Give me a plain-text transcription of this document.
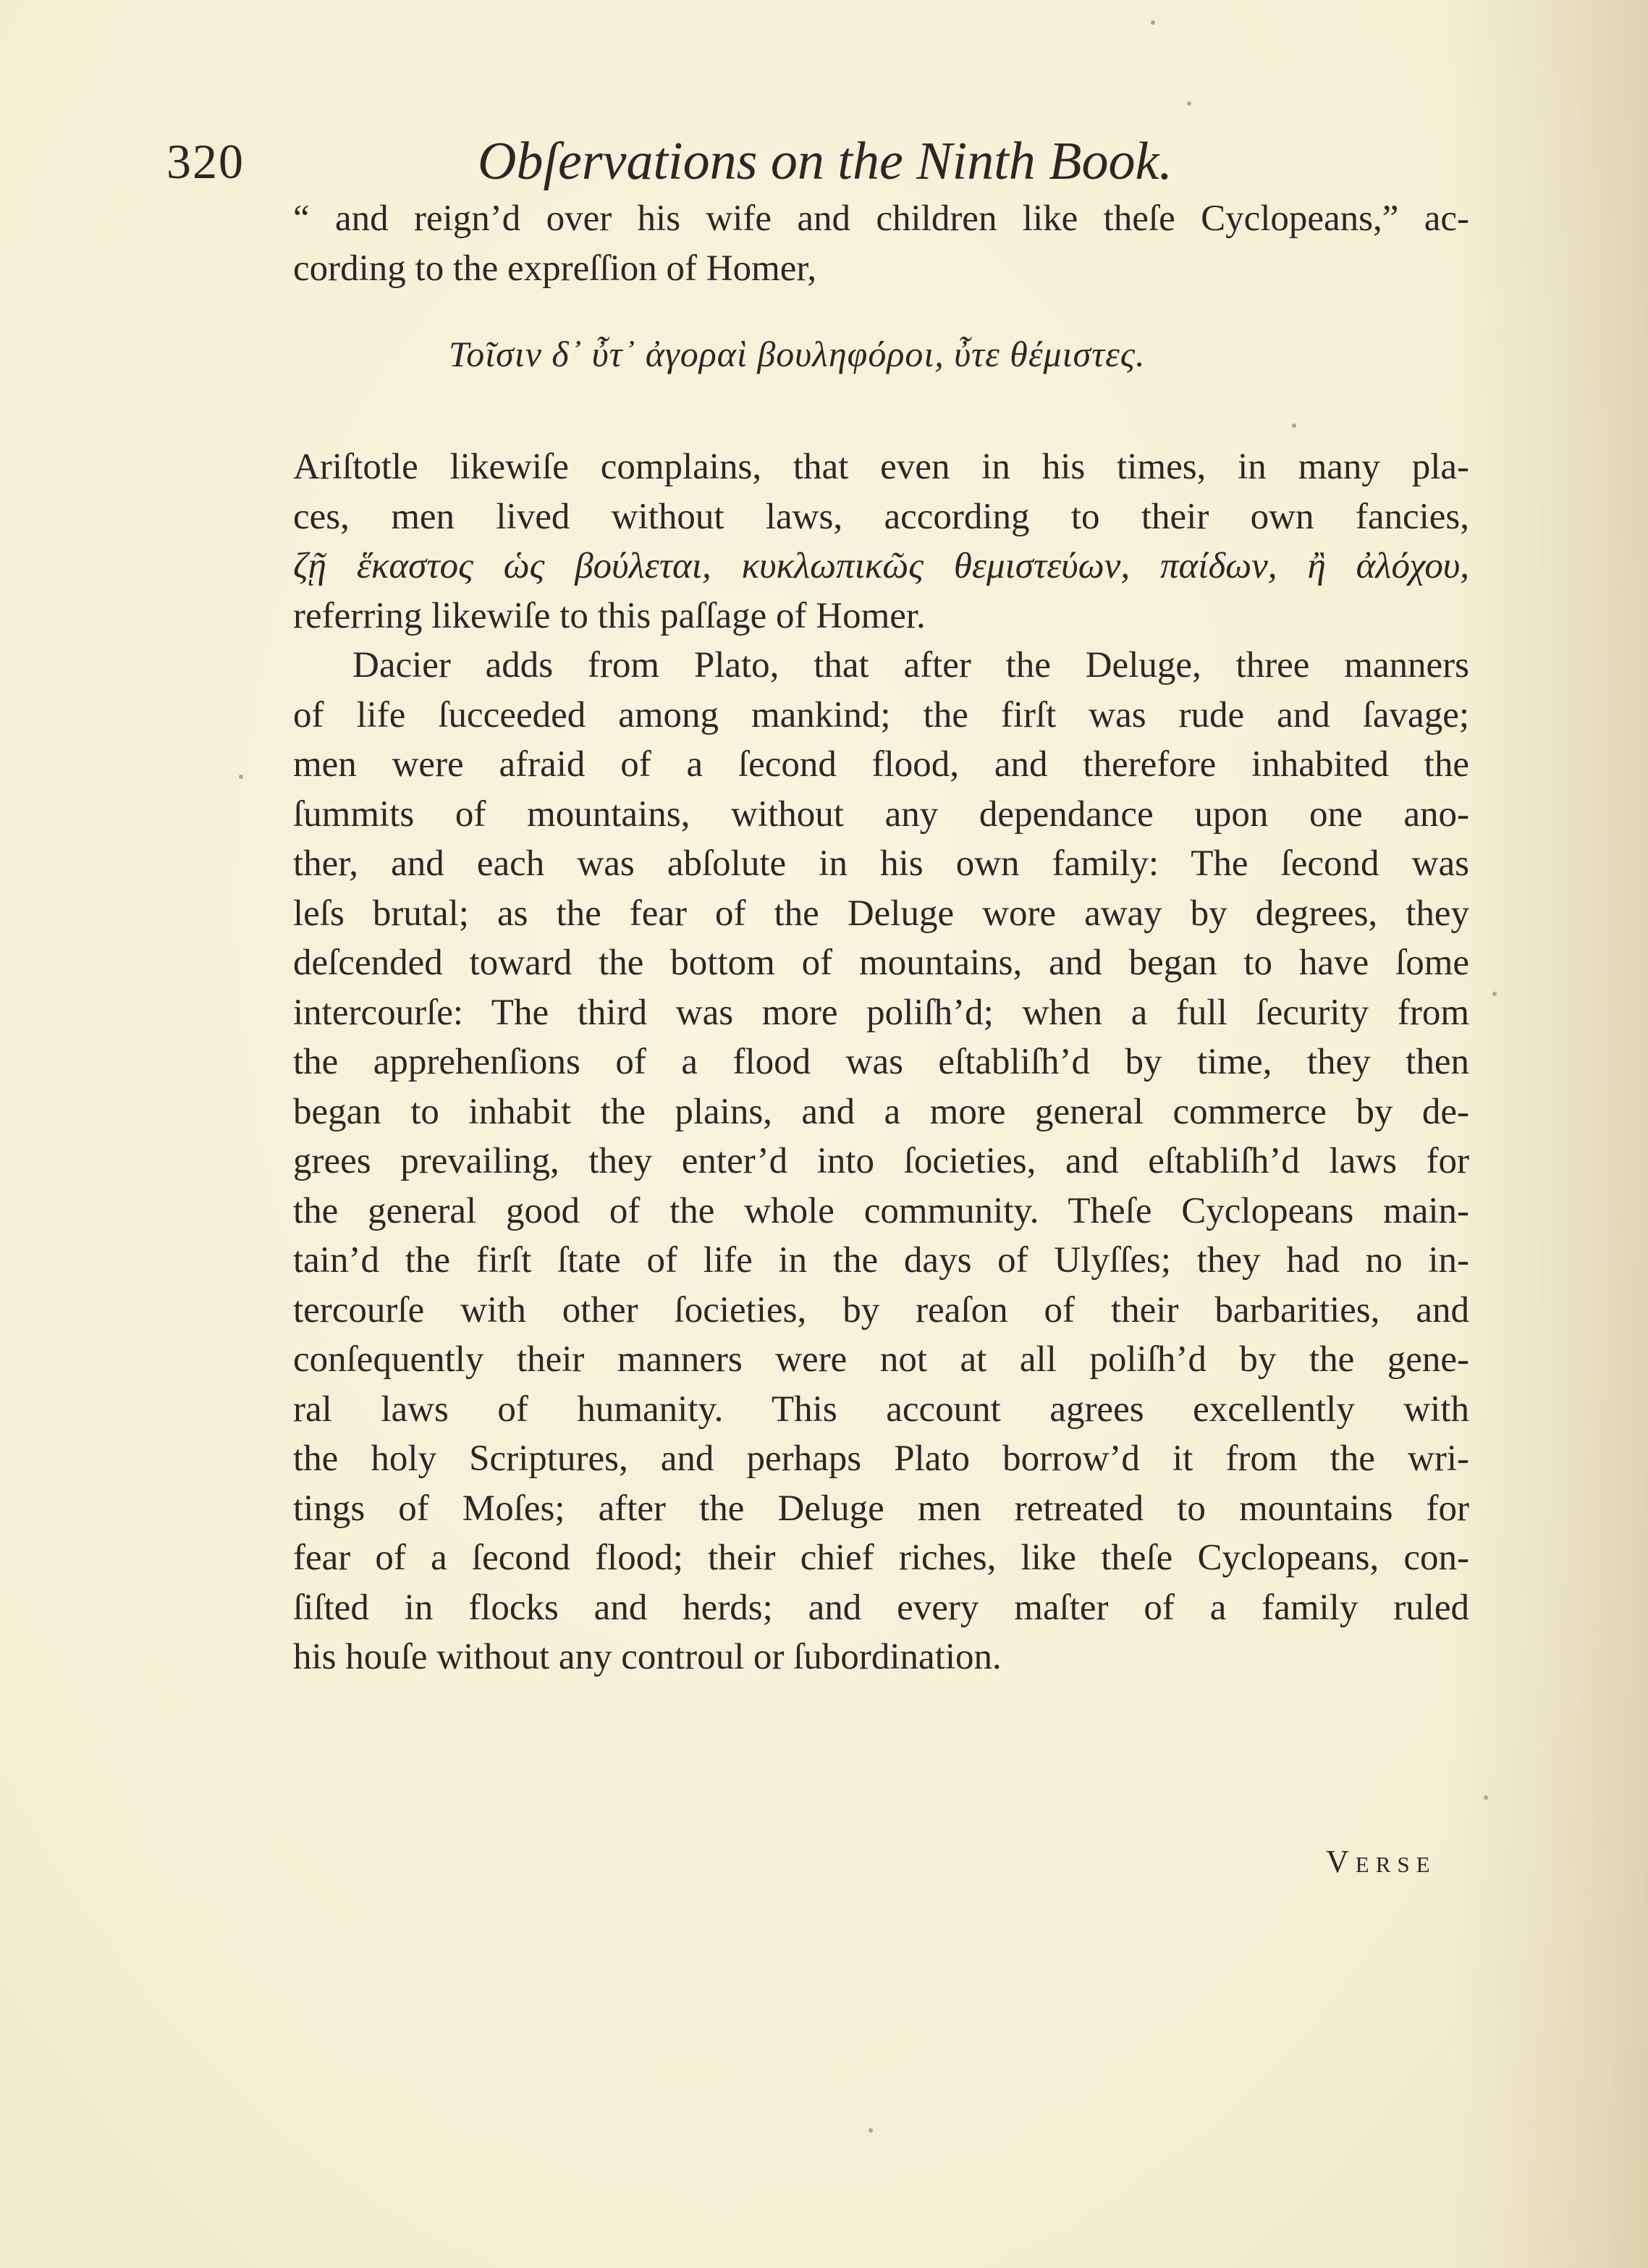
320	Obſervations on the Ninth Book.
“ and reign’d over his wife and children like theſe Cyclopeans,” ac-
cording to the expreſſion of Homer,
Τοῖσιν δ᾽ ὖτ᾽ ἀγοραὶ βουληφόροι, ὖτε θέμιστες.
Ariſtotle likewiſe complains, that even in his times, in many pla-
ces, men lived without laws, according to their own fancies,
ζῇ ἕκαστος ὡς βούλεται, κυκλωπικῶς θεμιστεύων, παίδων, ἢ ἀλόχου,
referring likewiſe to this paſſage of Homer.
Dacier adds from Plato, that after the Deluge, three manners
of life ſucceeded among mankind; the firſt was rude and ſavage;
men were afraid of a ſecond flood, and therefore inhabited the
ſummits of mountains, without any dependance upon one ano-
ther, and each was abſolute in his own family: The ſecond was
leſs brutal; as the fear of the Deluge wore away by degrees, they
deſcended toward the bottom of mountains, and began to have ſome
intercourſe: The third was more poliſh’d; when a full ſecurity from
the apprehenſions of a flood was eſtabliſh’d by time, they then
began to inhabit the plains, and a more general commerce by de-
grees prevailing, they enter’d into ſocieties, and eſtabliſh’d laws for
the general good of the whole community. Theſe Cyclopeans main-
tain’d the firſt ſtate of life in the days of Ulyſſes; they had no in-
tercourſe with other ſocieties, by reaſon of their barbarities, and
conſequently their manners were not at all poliſh’d by the gene-
ral laws of humanity. This account agrees excellently with
the holy Scriptures, and perhaps Plato borrow’d it from the wri-
tings of Moſes; after the Deluge men retreated to mountains for
fear of a ſecond flood; their chief riches, like theſe Cyclopeans, con-
ſiſted in flocks and herds; and every maſter of a family ruled
his houſe without any controul or ſubordination.
Verse
